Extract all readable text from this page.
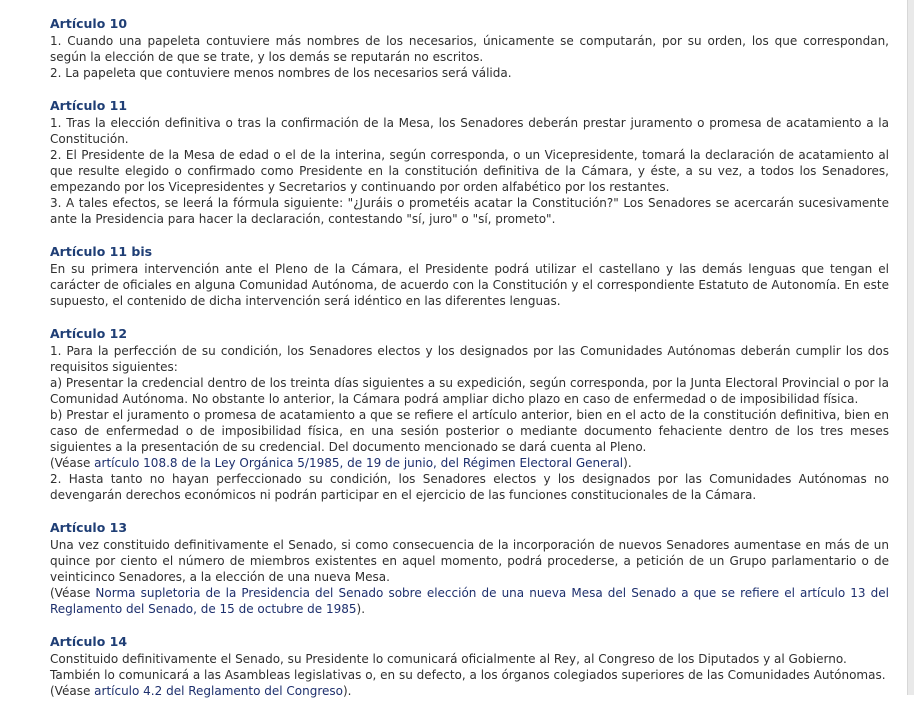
Artículo 10
1. Cuando una papeleta contuviere más nombres de los necesarios, únicamente se computarán, por su orden, los que correspondan, según la elección de que se trate, y los demás se reputarán no escritos.
2. La papeleta que contuviere menos nombres de los necesarios será válida.
Artículo 11
1. Tras la elección definitiva o tras la confirmación de la Mesa, los Senadores deberán prestar juramento o promesa de acatamiento a la Constitución.
2. El Presidente de la Mesa de edad o el de la interina, según corresponda, o un Vicepresidente, tomará la declaración de acatamiento al que resulte elegido o confirmado como Presidente en la constitución definitiva de la Cámara, y éste, a su vez, a todos los Senadores, empezando por los Vicepresidentes y Secretarios y continuando por orden alfabético por los restantes.
3. A tales efectos, se leerá la fórmula siguiente: "¿Juráis o prometéis acatar la Constitución?" Los Senadores se acercarán sucesivamente ante la Presidencia para hacer la declaración, contestando "sí, juro" o "sí, prometo".
Artículo 11 bis
En su primera intervención ante el Pleno de la Cámara, el Presidente podrá utilizar el castellano y las demás lenguas que tengan el carácter de oficiales en alguna Comunidad Autónoma, de acuerdo con la Constitución y el correspondiente Estatuto de Autonomía. En este supuesto, el contenido de dicha intervención será idéntico en las diferentes lenguas.
Artículo 12
1. Para la perfección de su condición, los Senadores electos y los designados por las Comunidades Autónomas deberán cumplir los dos requisitos siguientes:
a) Presentar la credencial dentro de los treinta días siguientes a su expedición, según corresponda, por la Junta Electoral Provincial o por la Comunidad Autónoma. No obstante lo anterior, la Cámara podrá ampliar dicho plazo en caso de enfermedad o de imposibilidad física.
b) Prestar el juramento o promesa de acatamiento a que se refiere el artículo anterior, bien en el acto de la constitución definitiva, bien en caso de enfermedad o de imposibilidad física, en una sesión posterior o mediante documento fehaciente dentro de los tres meses siguientes a la presentación de su credencial. Del documento mencionado se dará cuenta al Pleno.
(Véase artículo 108.8 de la Ley Orgánica 5/1985, de 19 de junio, del Régimen Electoral General).
2. Hasta tanto no hayan perfeccionado su condición, los Senadores electos y los designados por las Comunidades Autónomas no devengarán derechos económicos ni podrán participar en el ejercicio de las funciones constitucionales de la Cámara.
Artículo 13
Una vez constituido definitivamente el Senado, si como consecuencia de la incorporación de nuevos Senadores aumentase en más de un quince por ciento el número de miembros existentes en aquel momento, podrá procederse, a petición de un Grupo parlamentario o de veinticinco Senadores, a la elección de una nueva Mesa.
(Véase Norma supletoria de la Presidencia del Senado sobre elección de una nueva Mesa del Senado a que se refiere el artículo 13 del Reglamento del Senado, de 15 de octubre de 1985).
Artículo 14
Constituido definitivamente el Senado, su Presidente lo comunicará oficialmente al Rey, al Congreso de los Diputados y al Gobierno.
También lo comunicará a las Asambleas legislativas o, en su defecto, a los órganos colegiados superiores de las Comunidades Autónomas.
(Véase artículo 4.2 del Reglamento del Congreso).
